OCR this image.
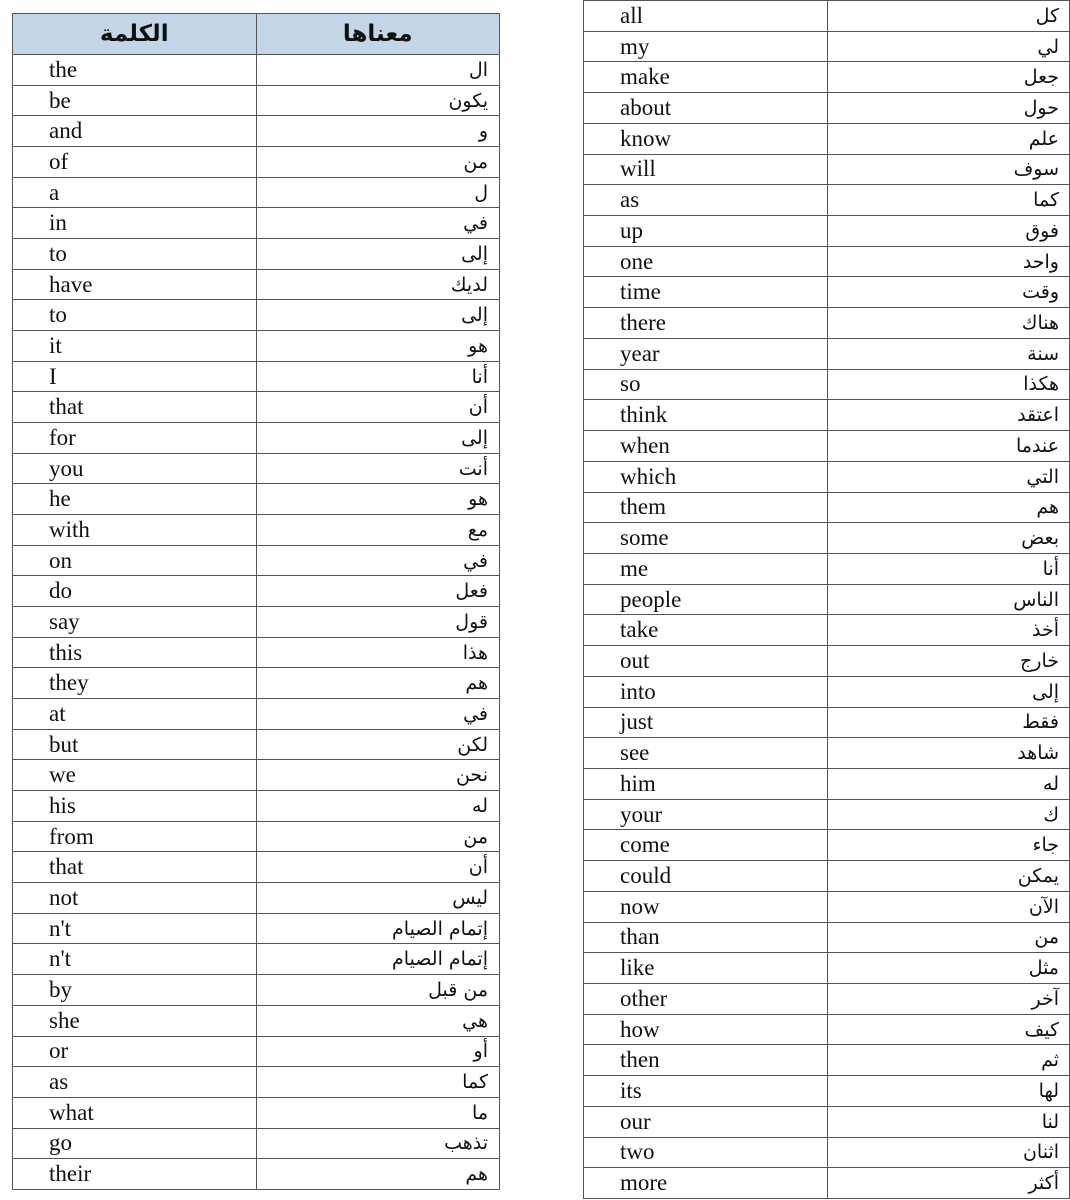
الكلمة	معناها
the	ال
be	يكون
and	و
of	من
a	ل
in	في
to	إلى
have	لديك
to	إلى
it	هو
I	أنا
that	أن
for	إلى
you	أنت
he	هو
with	مع
on	في
do	فعل
say	قول
this	هذا
they	هم
at	في
but	لكن
we	نحن
his	له
from	من
that	أن
not	ليس
n't	إتمام الصيام
n't	إتمام الصيام
by	من قبل
she	هي
or	أو
as	كما
what	ما
go	تذهب
their	هم
all	كل
my	لي
make	جعل
about	حول
know	علم
will	سوف
as	كما
up	فوق
one	واحد
time	وقت
there	هناك
year	سنة
so	هكذا
think	اعتقد
when	عندما
which	التي
them	هم
some	بعض
me	أنا
people	الناس
take	أخذ
out	خارج
into	إلى
just	فقط
see	شاهد
him	له
your	ك
come	جاء
could	يمكن
now	الآن
than	من
like	مثل
other	آخر
how	كيف
then	ثم
its	لها
our	لنا
two	اثنان
more	أكثر
